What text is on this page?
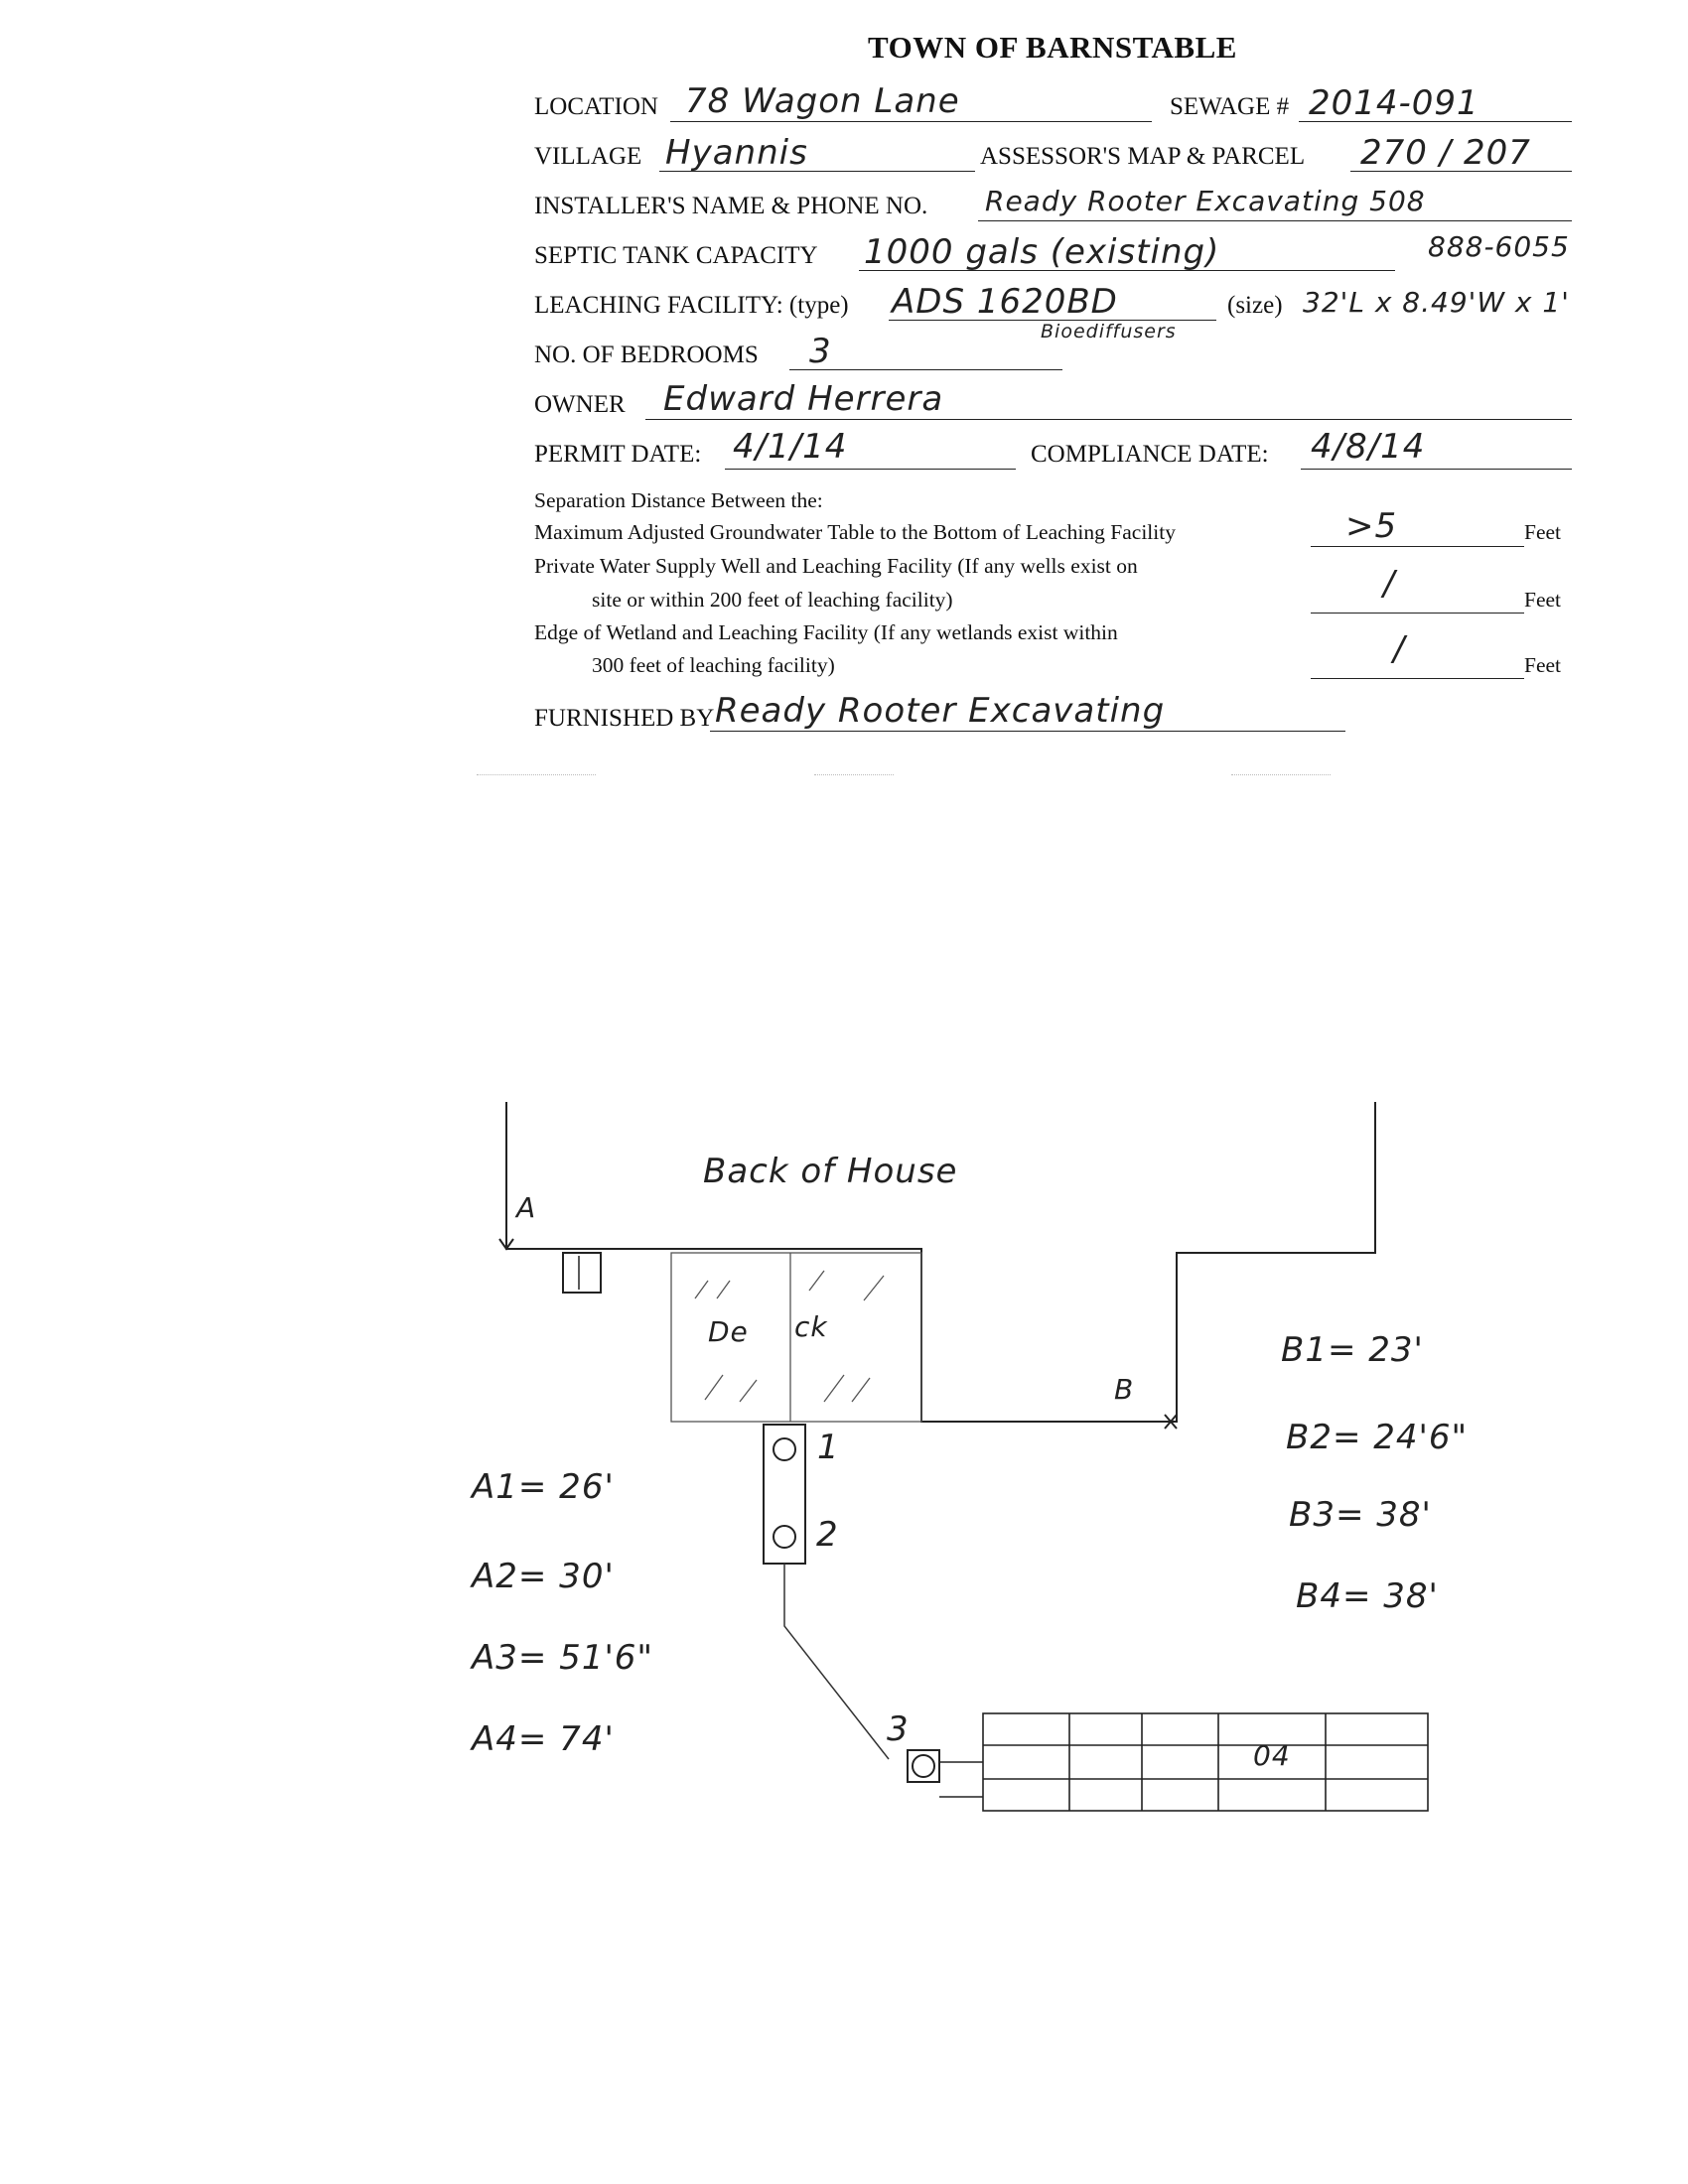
TOWN OF BARNSTABLE
LOCATION 78 Wagon Lane	SEWAGE # 2014-091
VILLAGE Hyannis	ASSESSOR'S MAP & PARCEL 270 / 207
INSTALLER'S NAME & PHONE NO. Ready Rooter Excavating 508
SEPTIC TANK CAPACITY 1000 gals (existing)	888-6055
LEACHING FACILITY: (type) ADS 1620BD	(size) 32'L x 8.49'W x 1'
Bioediffusers
NO. OF BEDROOMS 3
OWNER Edward Herrera
PERMIT DATE: 4/1/14	COMPLIANCE DATE: 4/8/14
Separation Distance Between the:
Maximum Adjusted Groundwater Table to the Bottom of Leaching Facility	>5	Feet
Private Water Supply Well and Leaching Facility (If any wells exist on
site or within 200 feet of leaching facility)	/	Feet
Edge of Wetland and Leaching Facility (If any wetlands exist within
300 feet of leaching facility)	/	Feet
FURNISHED BY Ready Rooter Excavating
Back of House
A
B
De ck
1
2
3
04
A1= 26'
A2= 30'
A3= 51'6"
A4= 74'
B1= 23'
B2= 24'6"
B3= 38'
B4= 38'
